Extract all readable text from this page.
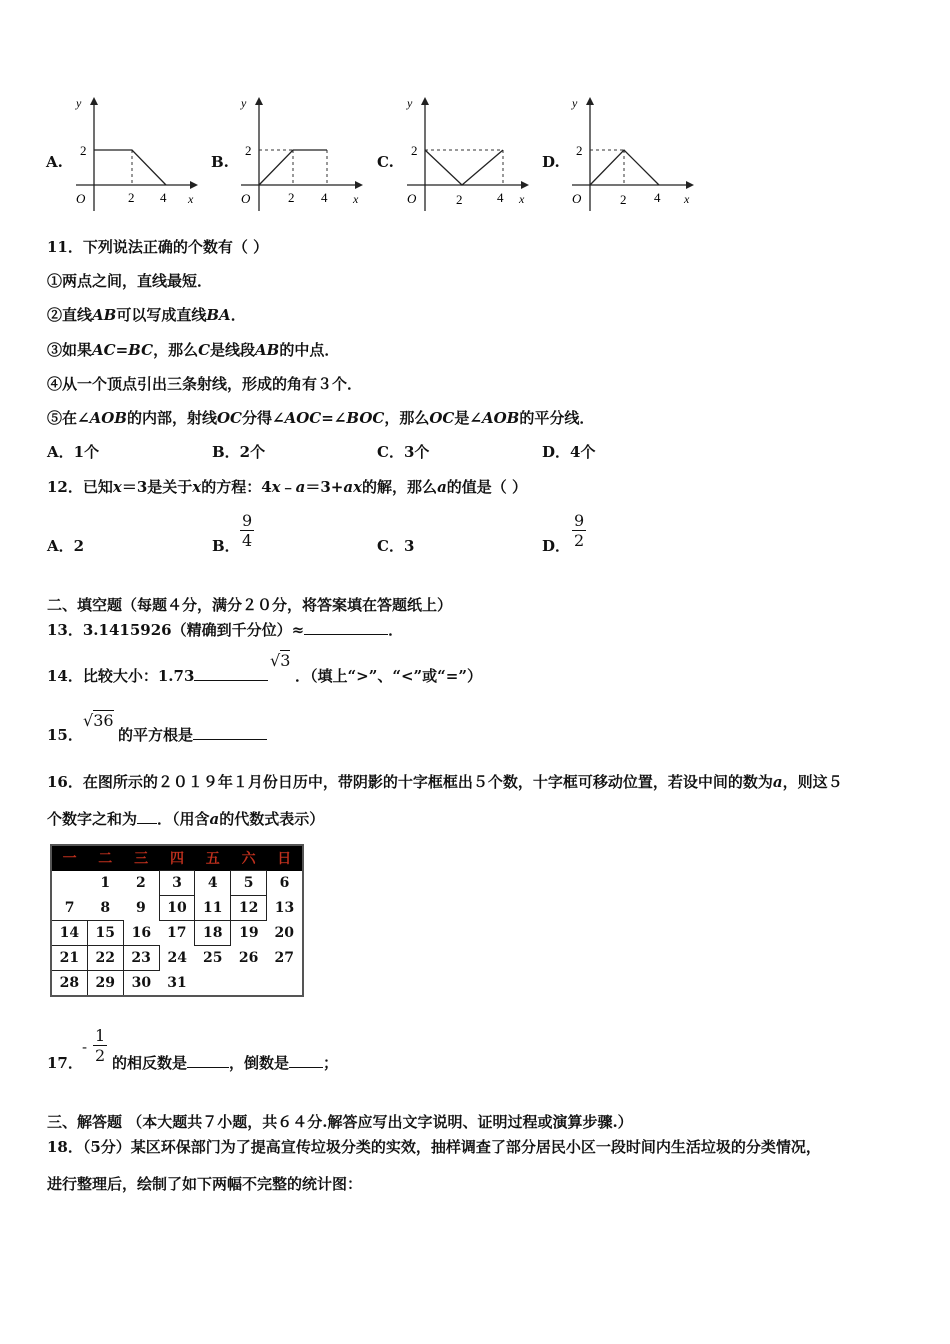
A.
y
x
O
2
2 4
B.
y
x
O
2
2 4
C.
y
x
O
2
2	4
D.
y
x
O
2
2 4
11．下列说法正确的个数有（ ）
①两点之间，直线最短．
②直线AB可以写成直线BA．
③如果AC=BC，那么C是线段AB的中点．
④从一个顶点引出三条射线，形成的角有３个．
⑤在∠AOB的内部，射线OC分得∠AOC=∠BOC，那么OC是∠AOB的平分线．
A．1个	B．2个	C．3个	D．4个
12．已知x＝3是关于x的方程：4x﹣a＝3+ax的解，那么a的值是（ ）
A．2	B． $\frac{9}{4}$	C．3	D． $\frac{9}{2}$
二、填空题（每题４分，满分２０分，将答案填在答题纸上）
13．3.1415926（精确到千分位）≈	．
14．比较大小：1.73
√3
．（填上“>”、“<”或“=”）
15．
√36
的平方根是
16．在图所示的２０１９年１月份日历中，带阴影的十字框框出５个数，十字框可移动位置，若设中间的数为a，则这５
个数字之和为 ．（用含a的代数式表示）
一	二	三	四	五	六	日
	1	2	3	4	5	6
7	8	9	10	11	12	13
14	15	16	17	18	19	20
21	22	23	24	25	26	27
28	29	30	31			
17．
- $\frac{1}{2}$ 的相反数是	，倒数是 ；
三、解答题 （本大题共７小题，共６４分.解答应写出文字说明、证明过程或演算步骤.）
18．（5分）某区环保部门为了提高宣传垃圾分类的实效，抽样调查了部分居民小区一段时间内生活垃圾的分类情况，
进行整理后，绘制了如下两幅不完整的统计图：
